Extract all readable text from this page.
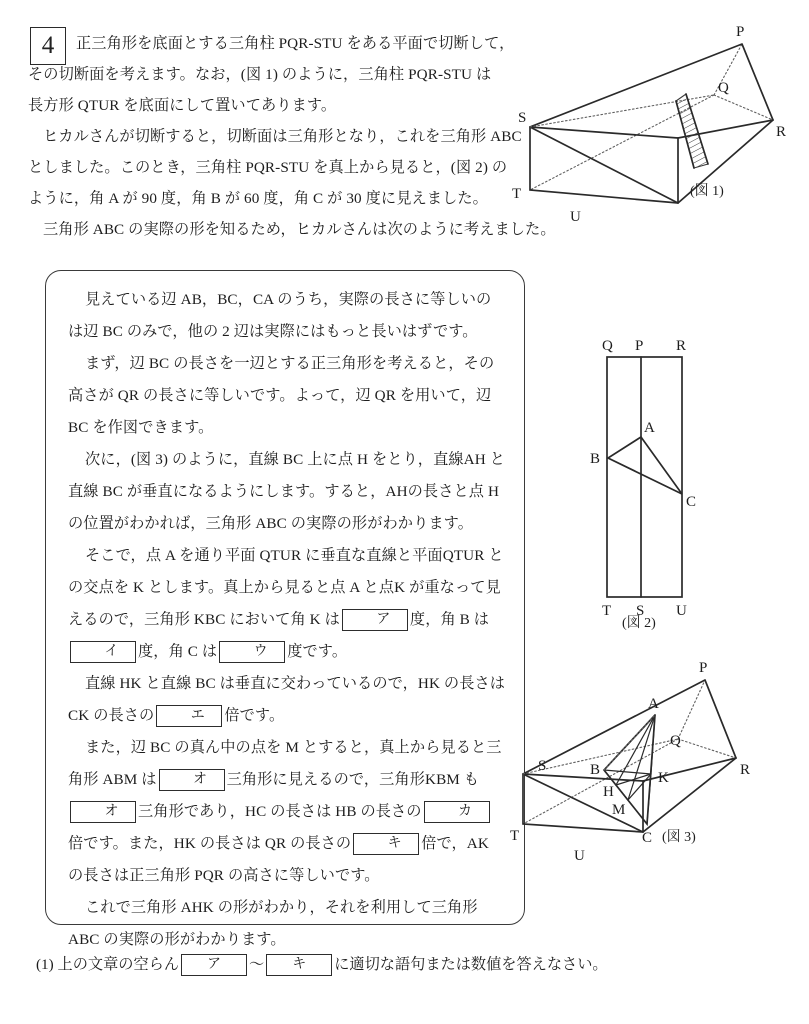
4	正三角形を底面とする三角柱 PQR-STU をある平面で切断して，

その切断面を考えます。なお，(図 1) のように，三角柱 PQR-STU は

長方形 QTUR を底面にして置いてあります。

ヒカルさんが切断すると，切断面は三角形となり，これを三角形 ABC

としました。このとき，三角柱 PQR-STU を真上から見ると，(図 2) の

ように，角 A が 90 度，角 B が 60 度，角 C が 30 度に見えました。

三角形 ABC の実際の形を知るため，ヒカルさんは次のように考えました。

見えている辺 AB，BC，CA のうち，実際の長さに等しいのは辺 BC のみで，他の 2 辺は実際にはもっと長いはずです。

まず，辺 BC の長さを一辺とする正三角形を考えると，その高さが QR の長さに等しいです。よって，辺 QR を用いて，辺 BC を作図できます。

次に，(図 3) のように，直線 BC 上に点 H をとり，直線AH と直線 BC が垂直になるようにします。すると，AHの長さと点 H の位置がわかれば，三角形 ABC の実際の形がわかります。

そこで，点 A を通り平面 QTUR に垂直な直線と平面QTUR との交点を K とします。真上から見ると点 A と点K が重なって見えるので，三角形 KBC において角 K は	ア 度，角 B はイ 度，角 C は	ウ 度です。

直線 HK と直線 BC は垂直に交わっているので，HK の長さは CK の長さの	エ 倍です。

また，辺 BC の真ん中の点を M とすると，真上から見ると三角形 ABM は	オ 三角形に見えるので，三角形KBM もオ 三角形であり，HC の長さは HB の長さの	カ倍です。また，HK の長さは QR の長さの	キ 倍で，AK の長さは正三角形 PQR の高さに等しいです。

これで三角形 AHK の形がわかり，それを利用して三角形 ABC の実際の形がわかります。

(1) 上の文章の空らん ア ～ キ に適切な語句または数値を答えなさい。
P
Q
R
S
T
U
(図 1)
Q P R
A
B
C
T S U
(図 2)
A
P
Q
R
B
H
M
K
C
S
T
U
(図 3)
